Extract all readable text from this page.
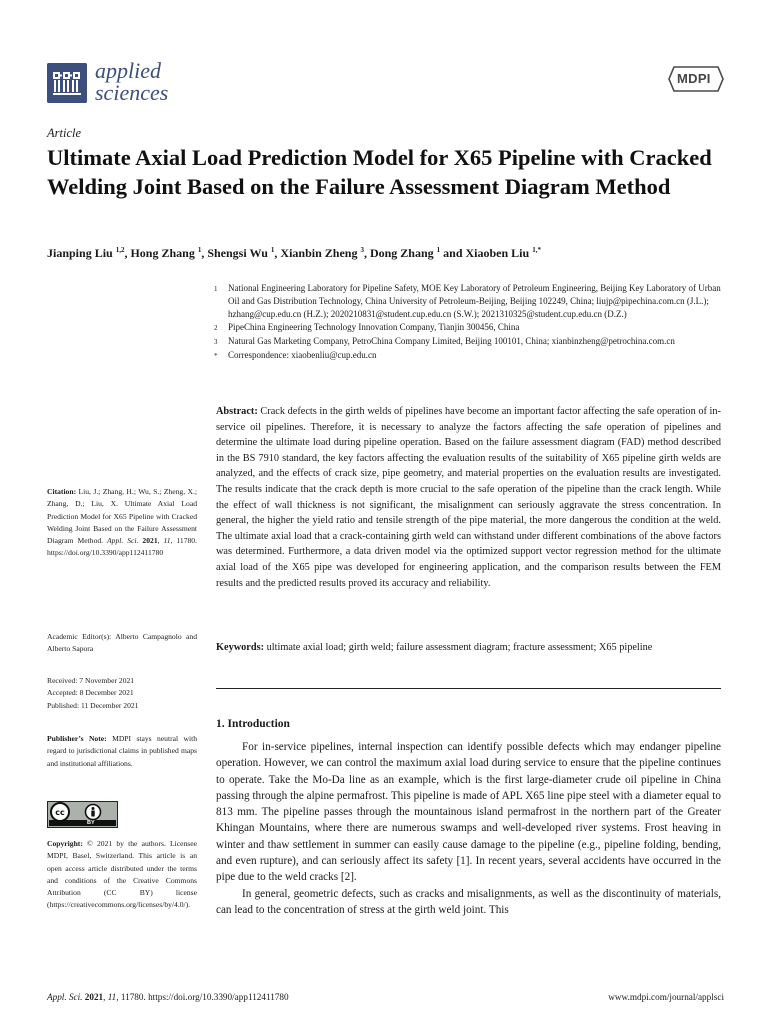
applied
sciences
MDPI
Article
Ultimate Axial Load Prediction Model for X65 Pipeline with Cracked Welding Joint Based on the Failure Assessment Diagram Method
Jianping Liu $^{1,2}$, Hong Zhang $^1$, Shengsi Wu $^1$, Xianbin Zheng $^3$, Dong Zhang $^1$ and Xiaoben Liu $^{1,*}$
1	National Engineering Laboratory for Pipeline Safety, MOE Key Laboratory of Petroleum Engineering, Beijing Key Laboratory of Urban Oil and Gas Distribution Technology, China University of Petroleum-Beijing, Beijing 102249, China; liujp@pipechina.com.cn (J.L.); hzhang@cup.edu.cn (H.Z.); 2020210831@student.cup.edu.cn (S.W.); 2021310325@student.cup.edu.cn (D.Z.)
2	PipeChina Engineering Technology Innovation Company, Tianjin 300456, China
3	Natural Gas Marketing Company, PetroChina Company Limited, Beijing 100101, China; xianbinzheng@petrochina.com.cn
*	Correspondence: xiaobenliu@cup.edu.cn
Abstract: Crack defects in the girth welds of pipelines have become an important factor affecting the safe operation of in-service oil pipelines. Therefore, it is necessary to analyze the factors affecting the safe operation of pipelines and determine the ultimate load during pipeline operation. Based on the failure assessment diagram (FAD) method described in the BS 7910 standard, the key factors affecting the evaluation results of the suitability of X65 pipeline girth welds are analyzed, and the effects of crack size, pipe geometry, and material properties on the evaluation results are investigated. The results indicate that the crack depth is more crucial to the safe operation of the pipeline than the crack length. While the effect of wall thickness is not significant, the misalignment can seriously aggravate the stress concentration. In general, the higher the yield ratio and tensile strength of the pipe material, the more dangerous the condition at the weld. The ultimate axial load that a crack-containing girth weld can withstand under different combinations of the above factors was determined. Furthermore, a data driven model via the optimized support vector regression method for the ultimate axial load of the X65 pipe was developed for engineering application, and the comparison results between the FEM results and the predicted results proved its accuracy and reliability.
Keywords: ultimate axial load; girth weld; failure assessment diagram; fracture assessment; X65 pipeline
1. Introduction

For in-service pipelines, internal inspection can identify possible defects which may endanger pipeline operation. However, we can control the maximum axial load during service to ensure that the pipeline continues to operate. Take the Mo-Da line as an example, which is the first large-diameter crude oil pipeline in China passing through the alpine permafrost. This pipeline is made of APL X65 line pipe steel with a diameter equal to 813 mm. The pipeline passes through the mountainous island permafrost in the northern part of the Greater Khingan Mountains, where there are numerous swamps and well-developed river systems. Frost heaving in winter and thaw settlement in summer can easily cause damage to the pipeline (e.g., pipeline folding, bending, and even rupture), and can seriously affect its safety [1]. In recent years, several accidents have occurred in the pipe due to the weld cracks [2].

In general, geometric defects, such as cracks and misalignments, as well as the discontinuity of materials, can lead to the concentration of stress at the girth weld joint. This

Citation: Liu, J.; Zhang, H.; Wu, S.; Zheng, X.; Zhang, D.; Liu, X. Ultimate Axial Load Prediction Model for X65 Pipeline with Cracked Welding Joint Based on the Failure Assessment Diagram Method. Appl. Sci. 2021, 11, 11780. https://doi.org/10.3390/app112411780
Academic Editor(s): Alberto Campagnolo and Alberto Sapora
Received: 7 November 2021
Accepted: 8 December 2021
Published: 11 December 2021
Publisher’s Note: MDPI stays neutral with regard to jurisdictional claims in published maps and institutional affiliations.
cc
BY
Copyright: © 2021 by the authors. Licensee MDPI, Basel, Switzerland. This article is an open access article distributed under the terms and conditions of the Creative Commons Attribution (CC BY) license (https://creativecommons.org/licenses/by/4.0/).
Appl. Sci. 2021, 11, 11780. https://doi.org/10.3390/app112411780	www.mdpi.com/journal/applsci
